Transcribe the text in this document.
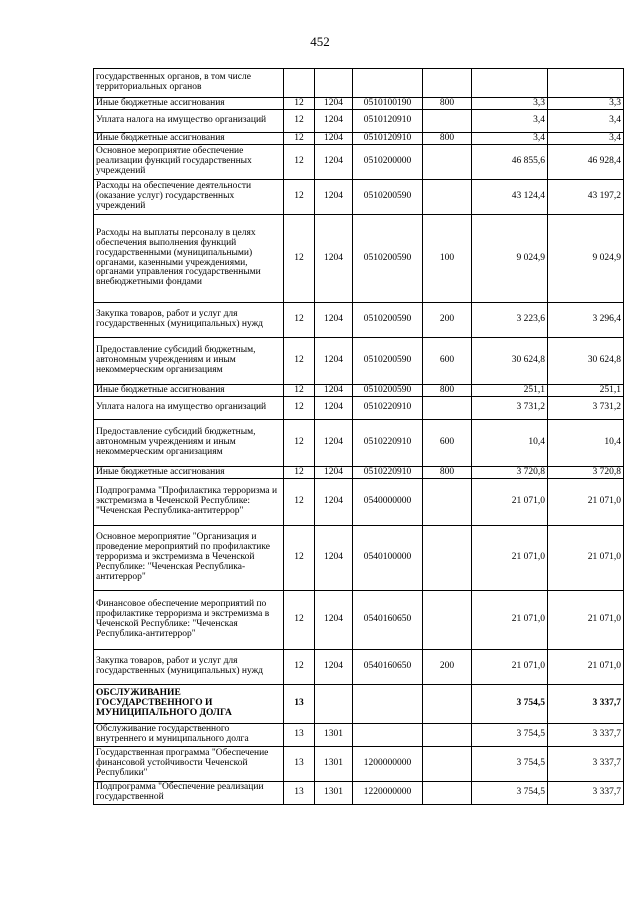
452
государственных органов, в том числе территориальных органов						
Иные бюджетные ассигнования	12	1204	0510100190	800	3,3	3,3
Уплата налога на имущество организаций	12	1204	0510120910		3,4	3,4
Иные бюджетные ассигнования	12	1204	0510120910	800	3,4	3,4
Основное мероприятие обеспечение реализации функций государственных учреждений	12	1204	0510200000		46 855,6	46 928,4
Расходы на обеспечение деятельности (оказание услуг) государственных учреждений	12	1204	0510200590		43 124,4	43 197,2
Расходы на выплаты персоналу в целях обеспечения выполнения функций государственными (муниципальными) органами, казенными учреждениями, органами управления государственными внебюджетными фондами	12	1204	0510200590	100	9 024,9	9 024,9
Закупка товаров, работ и услуг для государственных (муниципальных) нужд	12	1204	0510200590	200	3 223,6	3 296,4
Предоставление субсидий бюджетным, автономным учреждениям и иным некоммерческим организациям	12	1204	0510200590	600	30 624,8	30 624,8
Иные бюджетные ассигнования	12	1204	0510200590	800	251,1	251,1
Уплата налога на имущество организаций	12	1204	0510220910		3 731,2	3 731,2
Предоставление субсидий бюджетным, автономным учреждениям и иным некоммерческим организациям	12	1204	0510220910	600	10,4	10,4
Иные бюджетные ассигнования	12	1204	0510220910	800	3 720,8	3 720,8
Подпрограмма "Профилактика терроризма и экстремизма в Чеченской Республике: "Чеченская Республика-антитеррор"	12	1204	0540000000		21 071,0	21 071,0
Основное мероприятие "Организация и проведение мероприятий по профилактике терроризма и экстремизма в Чеченской Республике: "Чеченская Республика-антитеррор"	12	1204	0540100000		21 071,0	21 071,0
Финансовое обеспечение мероприятий по профилактике терроризма и экстремизма в Чеченской Республике: "Чеченская Республика-антитеррор"	12	1204	0540160650		21 071,0	21 071,0
Закупка товаров, работ и услуг для государственных (муниципальных) нужд	12	1204	0540160650	200	21 071,0	21 071,0
ОБСЛУЖИВАНИЕ ГОСУДАРСТВЕННОГО И МУНИЦИПАЛЬНОГО ДОЛГА	13				3 754,5	3 337,7
Обслуживание государственного внутреннего и муниципального долга	13	1301			3 754,5	3 337,7
Государственная программа "Обеспечение финансовой устойчивости Чеченской Республики"	13	1301	1200000000		3 754,5	3 337,7
Подпрограмма "Обеспечение реализации государственной	13	1301	1220000000		3 754,5	3 337,7
